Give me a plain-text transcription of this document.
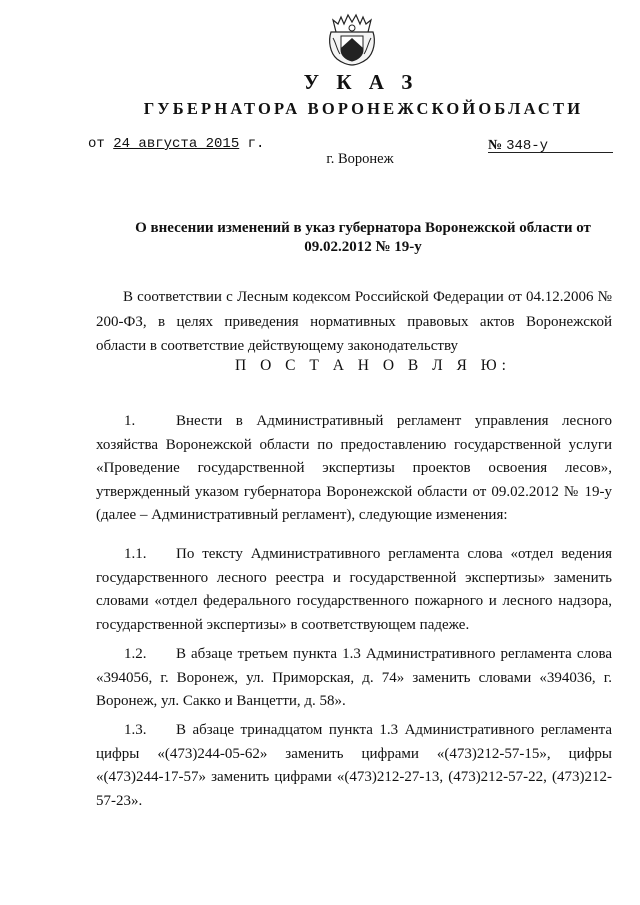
У К А З
ГУБЕРНАТОРА ВОРОНЕЖСКОЙОБЛАСТИ
от 24 августа 2015 г.	№ 348-у
г. Воронеж
О внесении изменений в указ губернатора Воронежской области от 09.02.2012 № 19-у
В соответствии с Лесным кодексом Российской Федерации от 04.12.2006 № 200-ФЗ, в целях приведения нормативных правовых актов Воронежской области в соответствие действующему законодательству
П О С Т А Н О В Л Я Ю:
1.	Внести в Административный регламент управления лесного хозяйства Воронежской области по предоставлению государственной услуги «Проведение государственной экспертизы проектов освоения лесов», утвержденный указом губернатора Воронежской области от 09.02.2012 № 19-у (далее – Административный регламент), следующие изменения:
1.1. По тексту Административного регламента слова «отдел ведения государственного лесного реестра и государственной экспертизы» заменить словами «отдел федерального государственного пожарного и лесного надзора, государственной экспертизы» в соответствующем падеже.
1.2. В абзаце третьем пункта 1.3 Административного регламента слова «394056, г. Воронеж, ул. Приморская, д. 74» заменить словами «394036, г. Воронеж, ул. Сакко и Ванцетти, д. 58».
1.3. В абзаце тринадцатом пункта 1.3 Административного регламента цифры «(473)244-05-62» заменить цифрами «(473)212-57-15», цифры «(473)244-17-57» заменить цифрами «(473)212-27-13, (473)212-57-22, (473)212-57-23».
